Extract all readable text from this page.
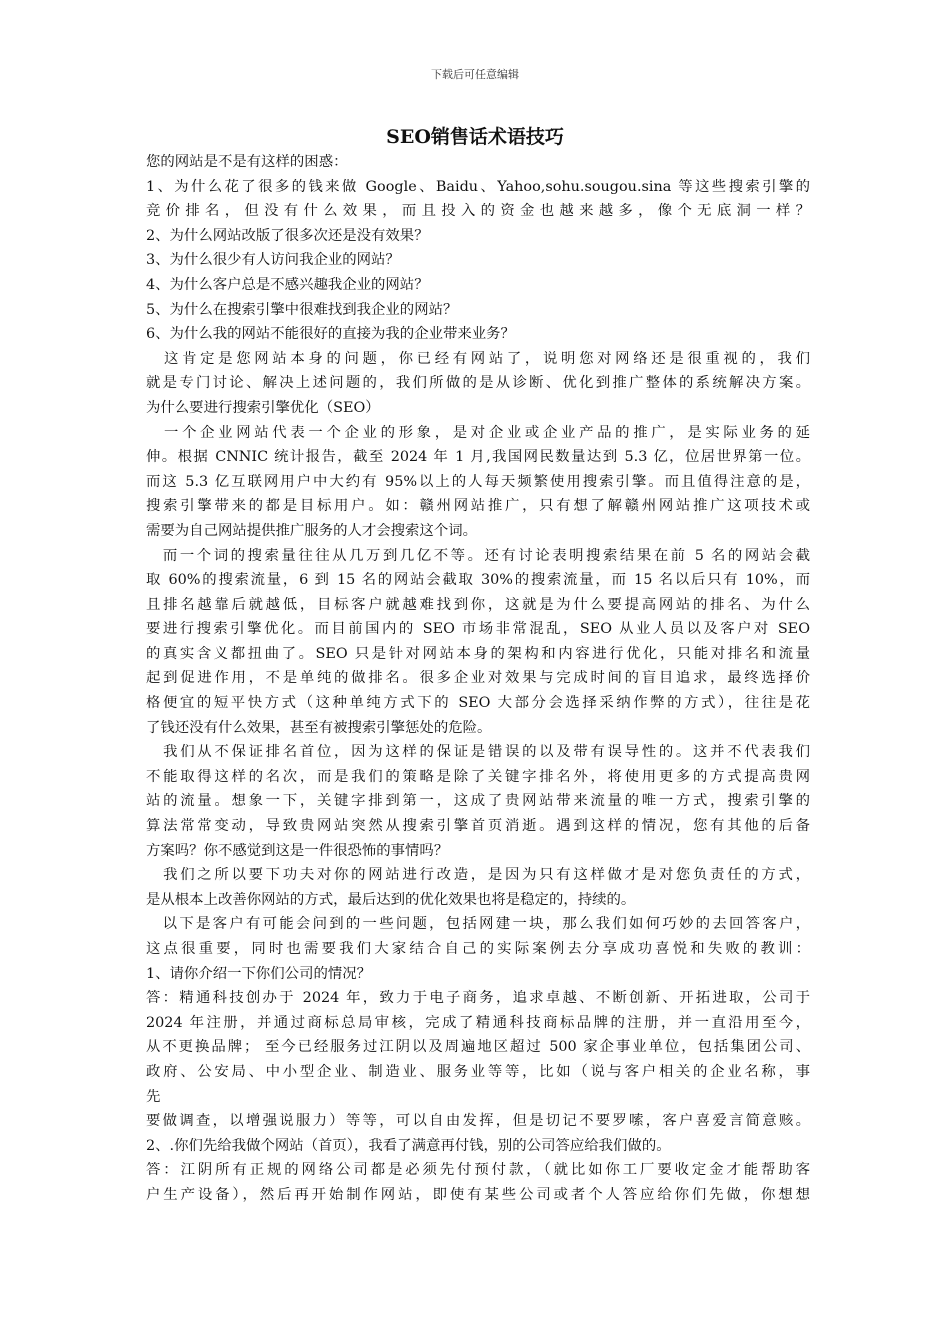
下载后可任意编辑
SEO销售话术语技巧
您的网站是不是有这样的困惑：
1、为什么花了很多的钱来做 Google、Baidu、Yahoo,sohu.sougou.sina 等这些搜索引擎的
竞价排名，但没有什么效果，而且投入的资金也越来越多，像个无底洞一样？
2、为什么网站改版了很多次还是没有效果？
3、为什么很少有人访问我企业的网站？
4、为什么客户总是不感兴趣我企业的网站？
5、为什么在搜索引擎中很难找到我企业的网站？
6、为什么我的网站不能很好的直接为我的企业带来业务？
　这肯定是您网站本身的问题，你已经有网站了，说明您对网络还是很重视的，我们
就是专门讨论、解决上述问题的，我们所做的是从诊断、优化到推广整体的系统解决方案。
为什么要进行搜索引擎优化（SEO）
　一个企业网站代表一个企业的形象，是对企业或企业产品的推广，是实际业务的延
伸。根据 CNNIC 统计报告，截至 2024 年 1 月,我国网民数量达到 5.3 亿，位居世界第一位。
而这 5.3 亿互联网用户中大约有 95%以上的人每天频繁使用搜索引擎。而且值得注意的是，
搜索引擎带来的都是目标用户。如：赣州网站推广，只有想了解赣州网站推广这项技术或
需要为自己网站提供推广服务的人才会搜索这个词。
　而一个词的搜索量往往从几万到几亿不等。还有讨论表明搜索结果在前 5 名的网站会截
取 60%的搜索流量，6 到 15 名的网站会截取 30%的搜索流量，而 15 名以后只有 10%，而
且排名越靠后就越低，目标客户就越难找到你，这就是为什么要提高网站的排名、为什么
要进行搜索引擎优化。而目前国内的 SEO 市场非常混乱，SEO 从业人员以及客户对 SEO
的真实含义都扭曲了。SEO 只是针对网站本身的架构和内容进行优化，只能对排名和流量
起到促进作用，不是单纯的做排名。很多企业对效果与完成时间的盲目追求，最终选择价
格便宜的短平快方式（这种单纯方式下的 SEO 大部分会选择采纳作弊的方式），往往是花
了钱还没有什么效果，甚至有被搜索引擎惩处的危险。
　我们从不保证排名首位，因为这样的保证是错误的以及带有误导性的。这并不代表我们
不能取得这样的名次，而是我们的策略是除了关键字排名外，将使用更多的方式提高贵网
站的流量。想象一下，关键字排到第一，这成了贵网站带来流量的唯一方式，搜索引擎的
算法常常变动，导致贵网站突然从搜索引擎首页消逝。遇到这样的情况，您有其他的后备
方案吗？你不感觉到这是一件很恐怖的事情吗？
　我们之所以要下功夫对你的网站进行改造，是因为只有这样做才是对您负责任的方式，
是从根本上改善你网站的方式，最后达到的优化效果也将是稳定的，持续的。
　以下是客户有可能会问到的一些问题，包括网建一块，那么我们如何巧妙的去回答客户，
这点很重要，同时也需要我们大家结合自己的实际案例去分享成功喜悦和失败的教训：
1、请你介绍一下你们公司的情况？
答：精通科技创办于 2024 年，致力于电子商务，追求卓越、不断创新、开拓进取，公司于
2024 年注册，并通过商标总局审核，完成了精通科技商标品牌的注册，并一直沿用至今，
从不更换品牌； 至今已经服务过江阴以及周遍地区超过 500 家企事业单位，包括集团公司、
政府、公安局、中小型企业、制造业、服务业等等，比如（说与客户相关的企业名称，事
先
要做调查，以增强说服力）等等，可以自由发挥，但是切记不要罗嗦，客户喜爱言简意赅。
2、.你们先给我做个网站（首页），我看了满意再付钱，别的公司答应给我们做的。
答：江阴所有正规的网络公司都是必须先付预付款，（就比如你工厂要收定金才能帮助客
户生产设备），然后再开始制作网站，即使有某些公司或者个人答应给你们先做，你想想
